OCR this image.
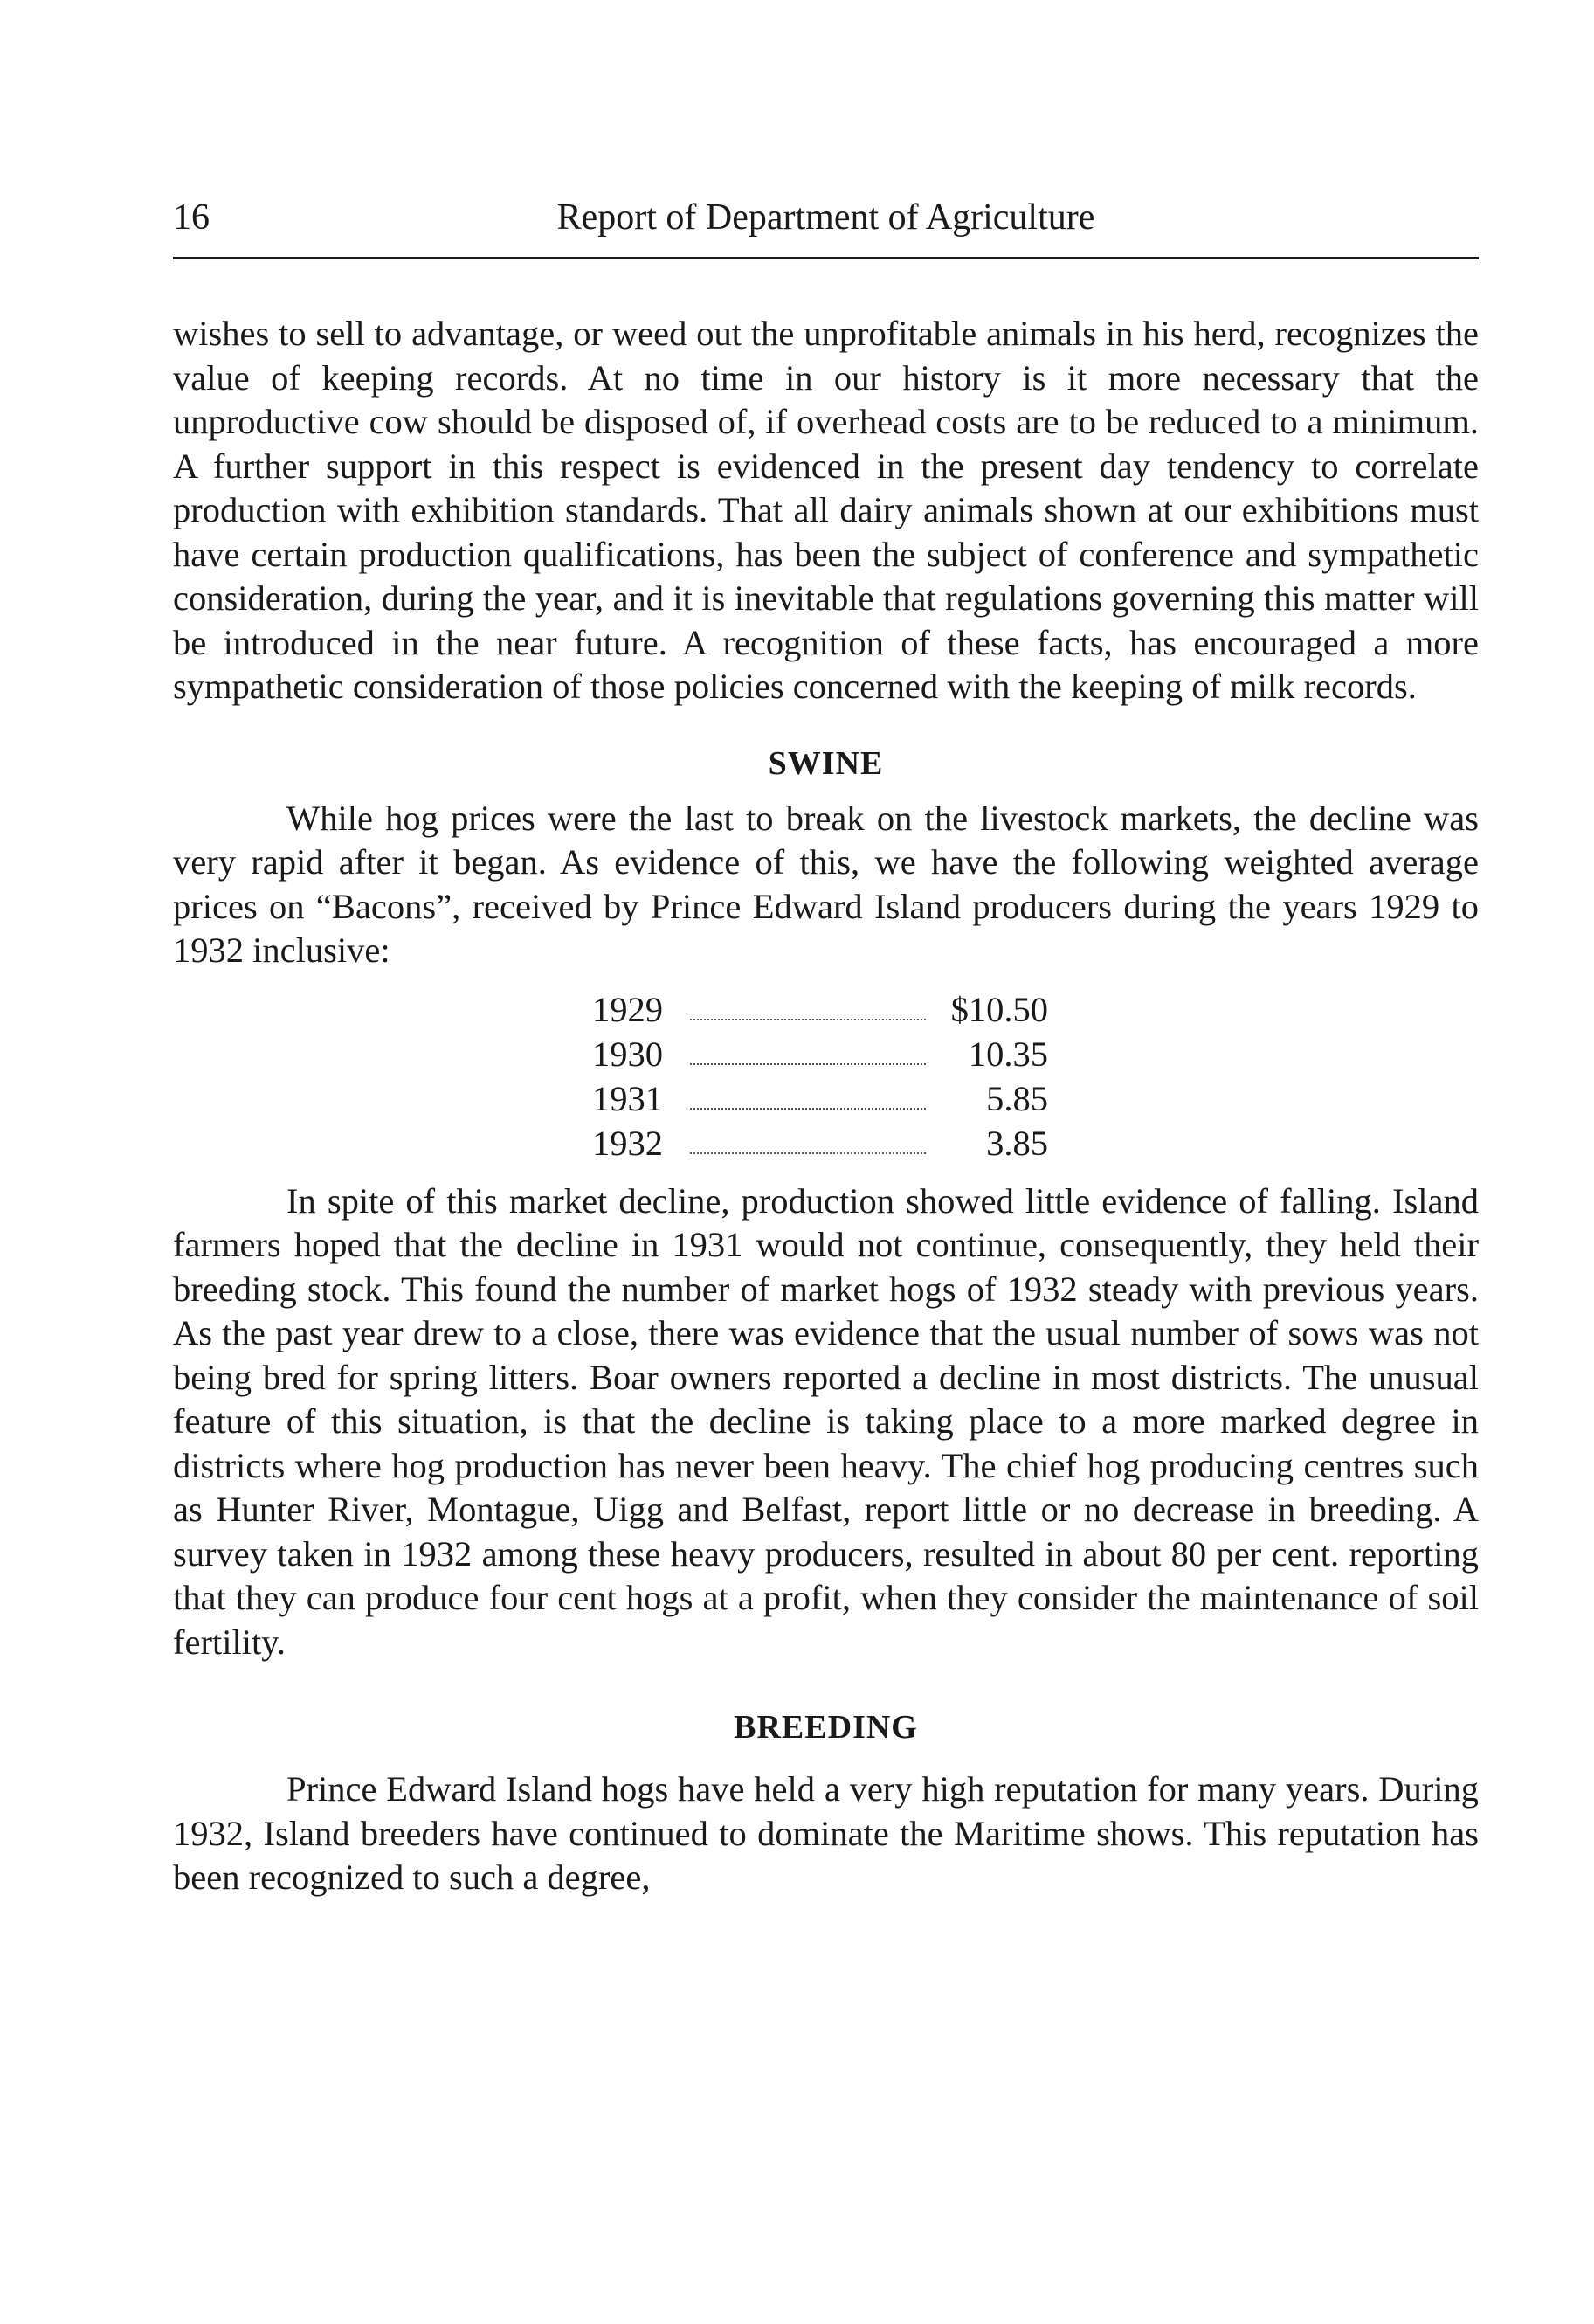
16	Report of Department of Agriculture

wishes to sell to advantage, or weed out the unprofitable animals in his herd, recognizes the value of keeping records. At no time in our history is it more necessary that the unproductive cow should be disposed of, if overhead costs are to be reduced to a minimum. A further support in this respect is evidenced in the present day tendency to correlate production with exhibition standards. That all dairy animals shown at our exhibitions must have certain production qualifications, has been the subject of conference and sympathetic consideration, during the year, and it is inevitable that regulations governing this matter will be introduced in the near future. A recognition of these facts, has encouraged a more sympathetic consideration of those policies concerned with the keeping of milk records.

SWINE

While hog prices were the last to break on the livestock markets, the decline was very rapid after it began. As evidence of this, we have the following weighted average prices on “Bacons”, received by Prince Edward Island producers during the years 1929 to 1932 inclusive:

1929	$10.50
1930	10.35
1931	5.85
1932	3.85

In spite of this market decline, production showed little evidence of falling. Island farmers hoped that the decline in 1931 would not continue, consequently, they held their breeding stock. This found the number of market hogs of 1932 steady with previous years. As the past year drew to a close, there was evidence that the usual number of sows was not being bred for spring litters. Boar owners reported a decline in most districts. The unusual feature of this situation, is that the decline is taking place to a more marked degree in districts where hog production has never been heavy. The chief hog producing centres such as Hunter River, Montague, Uigg and Belfast, report little or no decrease in breeding. A survey taken in 1932 among these heavy producers, resulted in about 80 per cent. reporting that they can produce four cent hogs at a profit, when they consider the maintenance of soil fertility.

BREEDING

Prince Edward Island hogs have held a very high reputation for many years. During 1932, Island breeders have continued to dominate the Maritime shows. This reputation has been recognized to such a degree,
